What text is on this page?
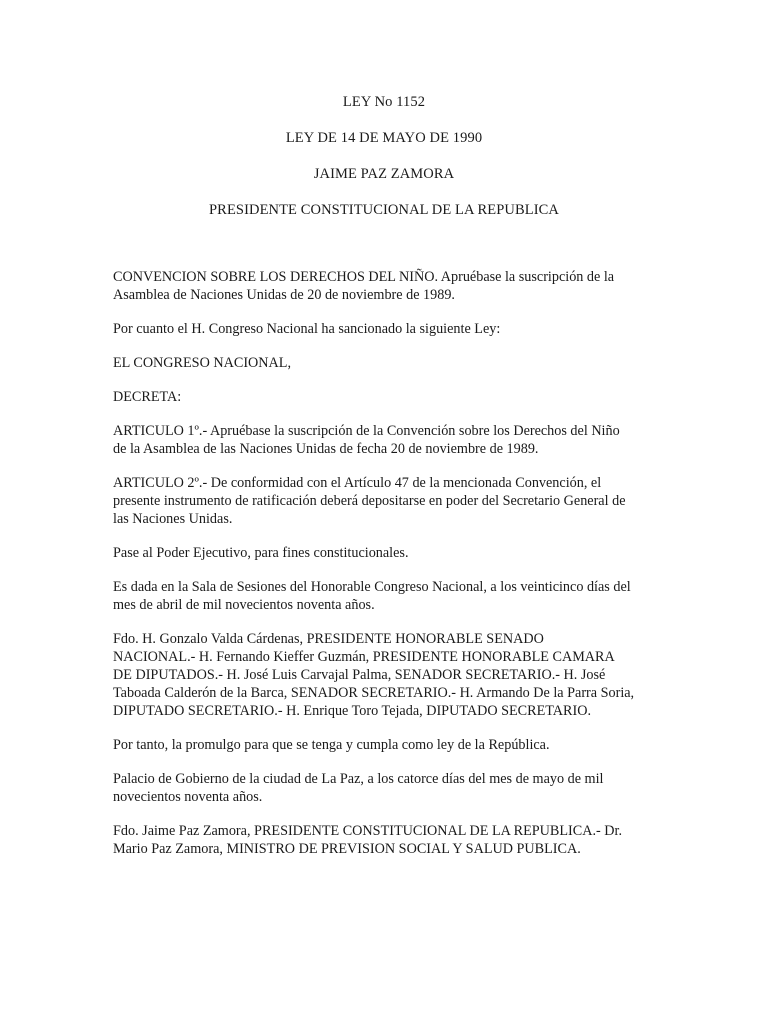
LEY No 1152
LEY DE 14 DE MAYO DE 1990
JAIME PAZ ZAMORA
PRESIDENTE CONSTITUCIONAL DE LA REPUBLICA

CONVENCION SOBRE LOS DERECHOS DEL NIÑO. Apruébase la suscripción de la
Asamblea de Naciones Unidas de 20 de noviembre de 1989.

Por cuanto el H. Congreso Nacional ha sancionado la siguiente Ley:

EL CONGRESO NACIONAL,

DECRETA:

ARTICULO 1º.- Apruébase la suscripción de la Convención sobre los Derechos del Niño
de la Asamblea de las Naciones Unidas de fecha 20 de noviembre de 1989.

ARTICULO 2º.- De conformidad con el Artículo 47 de la mencionada Convención, el
presente instrumento de ratificación deberá depositarse en poder del Secretario General de
las Naciones Unidas.

Pase al Poder Ejecutivo, para fines constitucionales.

Es dada en la Sala de Sesiones del Honorable Congreso Nacional, a los veinticinco días del
mes de abril de mil novecientos noventa años.

Fdo. H. Gonzalo Valda Cárdenas, PRESIDENTE HONORABLE SENADO
NACIONAL.- H. Fernando Kieffer Guzmán, PRESIDENTE HONORABLE CAMARA
DE DIPUTADOS.- H. José Luis Carvajal Palma, SENADOR SECRETARIO.- H. José
Taboada Calderón de la Barca, SENADOR SECRETARIO.- H. Armando De la Parra Soria,
DIPUTADO SECRETARIO.- H. Enrique Toro Tejada, DIPUTADO SECRETARIO.

Por tanto, la promulgo para que se tenga y cumpla como ley de la República.

Palacio de Gobierno de la ciudad de La Paz, a los catorce días del mes de mayo de mil
novecientos noventa años.

Fdo. Jaime Paz Zamora, PRESIDENTE CONSTITUCIONAL DE LA REPUBLICA.- Dr.
Mario Paz Zamora, MINISTRO DE PREVISION SOCIAL Y SALUD PUBLICA.
